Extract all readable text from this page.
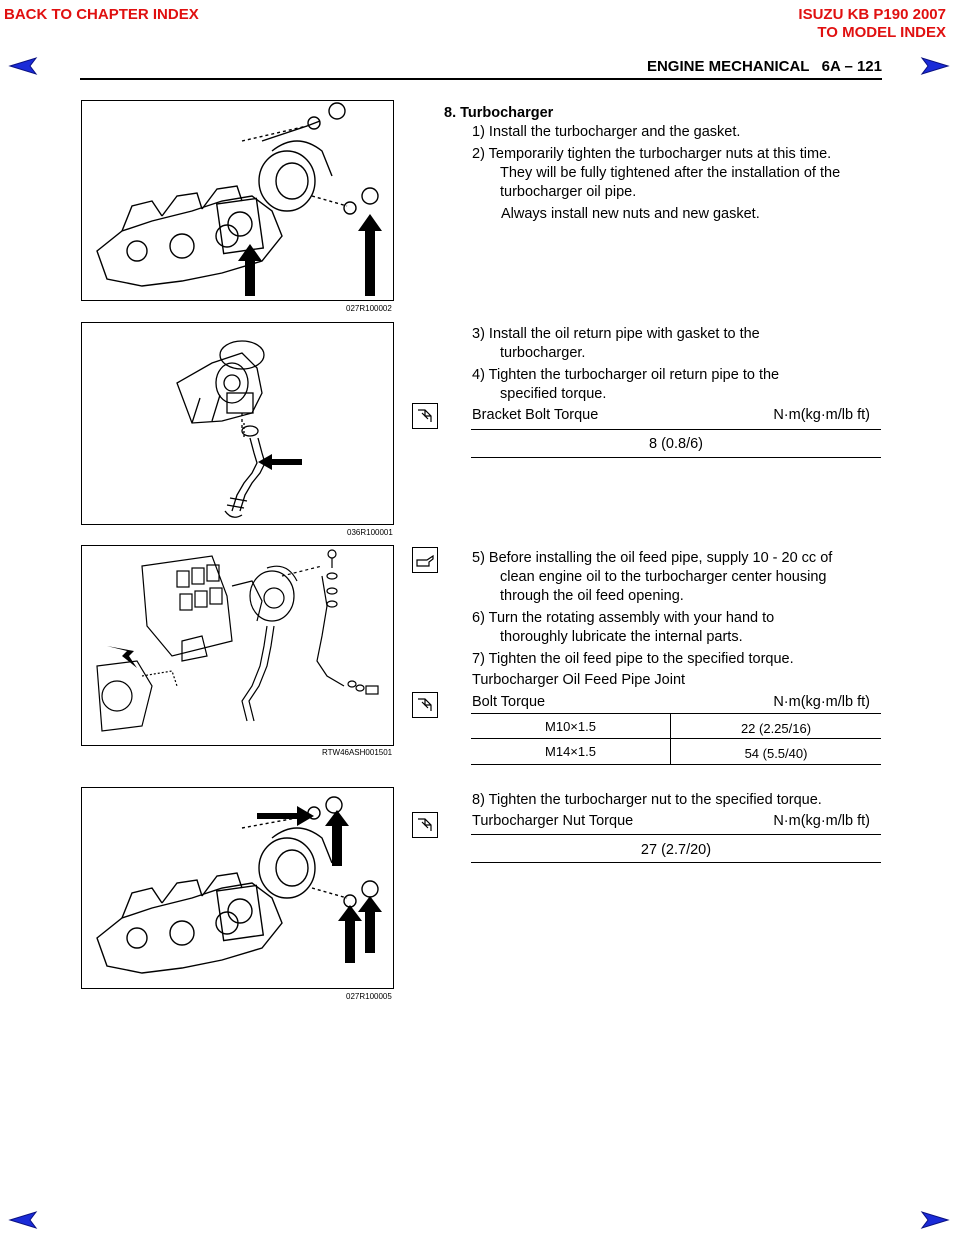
BACK TO CHAPTER INDEX	ISUZU KB P190 2007
TO MODEL INDEX
ENGINE MECHANICAL   6A – 121
027R100002
8. Turbocharger
1) Install the turbocharger and the gasket.
2) Temporarily tighten the turbocharger nuts at this time.
They will be fully tightened after the installation of the
turbocharger oil pipe.
Always install new nuts and new gasket.
036R100001
3) Install the oil return pipe with gasket to the
turbocharger.
4) Tighten the turbocharger oil return pipe to the
specified torque.
Bracket Bolt Torque	N·m(kg·m/lb ft)
8 (0.8/6)
RTW46ASH001501
5) Before installing the oil feed pipe, supply 10 - 20 cc of
clean engine oil to the turbocharger center housing
through the oil feed opening.
6) Turn the rotating assembly with your hand to
thoroughly lubricate the internal parts.
7) Tighten the oil feed pipe to the specified torque.
Turbocharger Oil Feed Pipe Joint
Bolt Torque	N·m(kg·m/lb ft)
M10×1.5	22 (2.25/16)
M14×1.5	54 (5.5/40)
027R100005
8) Tighten the turbocharger nut to the specified torque.
Turbocharger Nut Torque	N·m(kg·m/lb ft)
27 (2.7/20)
